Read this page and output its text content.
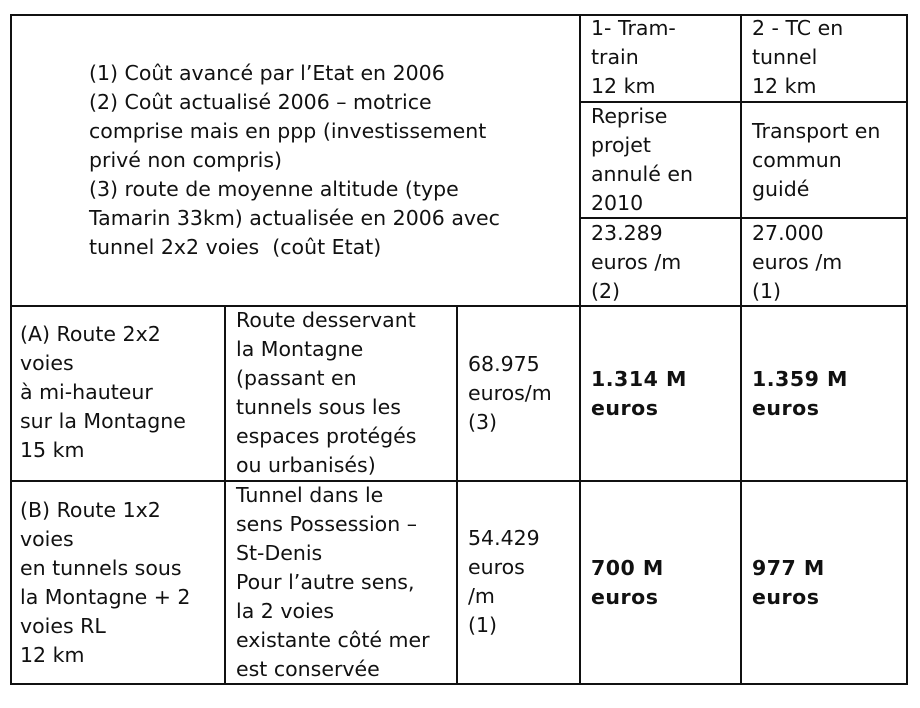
(1) Coût avancé par l’Etat en 2006
(2) Coût actualisé 2006 – motrice
comprise mais en ppp (investissement
privé non compris)
(3) route de moyenne altitude (type
Tamarin 33km) actualisée en 2006 avec
tunnel 2x2 voies  (coût Etat)
1- Tram-
train
12 km
Reprise
projet
annulé en
2010
23.289
euros /m
(2)
2 - TC en
tunnel
12 km
Transport en
commun
guidé
27.000
euros /m
(1)
(A) Route 2x2
voies
à mi-hauteur
sur la Montagne
15 km
Route desservant
la Montagne
(passant en
tunnels sous les
espaces protégés
ou urbanisés)
68.975
euros/m
(3)
1.314 M
euros
1.359 M
euros
(B) Route 1x2
voies
en tunnels sous
la Montagne + 2
voies RL
12 km
Tunnel dans le
sens Possession –
St-Denis
Pour l’autre sens,
la 2 voies
existante côté mer
est conservée
54.429
euros
/m
(1)
700 M
euros
977 M
euros
